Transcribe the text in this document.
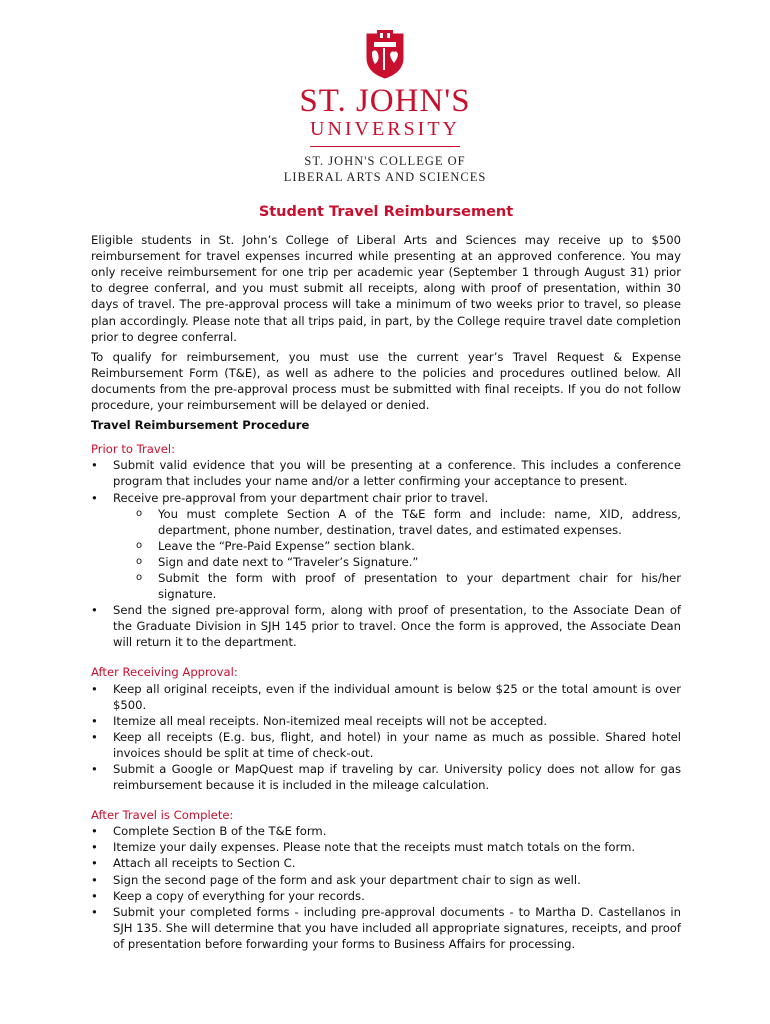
ST. JOHN'S
UNIVERSITY
ST. JOHN'S COLLEGE OF
LIBERAL ARTS AND SCIENCES
Student Travel Reimbursement

Eligible students in St. John’s College of Liberal Arts and Sciences may receive up to $500 reimbursement for travel expenses incurred while presenting at an approved conference. You may only receive reimbursement for one trip per academic year (September 1 through August 31) prior to degree conferral, and you must submit all receipts, along with proof of presentation, within 30 days of travel. The pre-approval process will take a minimum of two weeks prior to travel, so please plan accordingly. Please note that all trips paid, in part, by the College require travel date completion prior to degree conferral.

To qualify for reimbursement, you must use the current year’s Travel Request & Expense Reimbursement Form (T&E), as well as adhere to the policies and procedures outlined below. All documents from the pre-approval process must be submitted with final receipts. If you do not follow procedure, your reimbursement will be delayed or denied.

Travel Reimbursement Procedure
Prior to Travel:
• Submit valid evidence that you will be presenting at a conference. This includes a conference program that includes your name and/or a letter confirming your acceptance to present.
• Receive pre-approval from your department chair prior to travel.
o You must complete Section A of the T&E form and include: name, XID, address, department, phone number, destination, travel dates, and estimated expenses.
o Leave the “Pre-Paid Expense” section blank.
o Sign and date next to “Traveler’s Signature.”
o Submit the form with proof of presentation to your department chair for his/her signature.
• Send the signed pre-approval form, along with proof of presentation, to the Associate Dean of the Graduate Division in SJH 145 prior to travel. Once the form is approved, the Associate Dean will return it to the department.
After Receiving Approval:
• Keep all original receipts, even if the individual amount is below $25 or the total amount is over $500.
• Itemize all meal receipts. Non-itemized meal receipts will not be accepted.
• Keep all receipts (E.g. bus, flight, and hotel) in your name as much as possible. Shared hotel invoices should be split at time of check-out.
• Submit a Google or MapQuest map if traveling by car. University policy does not allow for gas reimbursement because it is included in the mileage calculation.
After Travel is Complete:
• Complete Section B of the T&E form.
• Itemize your daily expenses. Please note that the receipts must match totals on the form.
• Attach all receipts to Section C.
• Sign the second page of the form and ask your department chair to sign as well.
• Keep a copy of everything for your records.
• Submit your completed forms - including pre-approval documents - to Martha D. Castellanos in SJH 135. She will determine that you have included all appropriate signatures, receipts, and proof of presentation before forwarding your forms to Business Affairs for processing.
